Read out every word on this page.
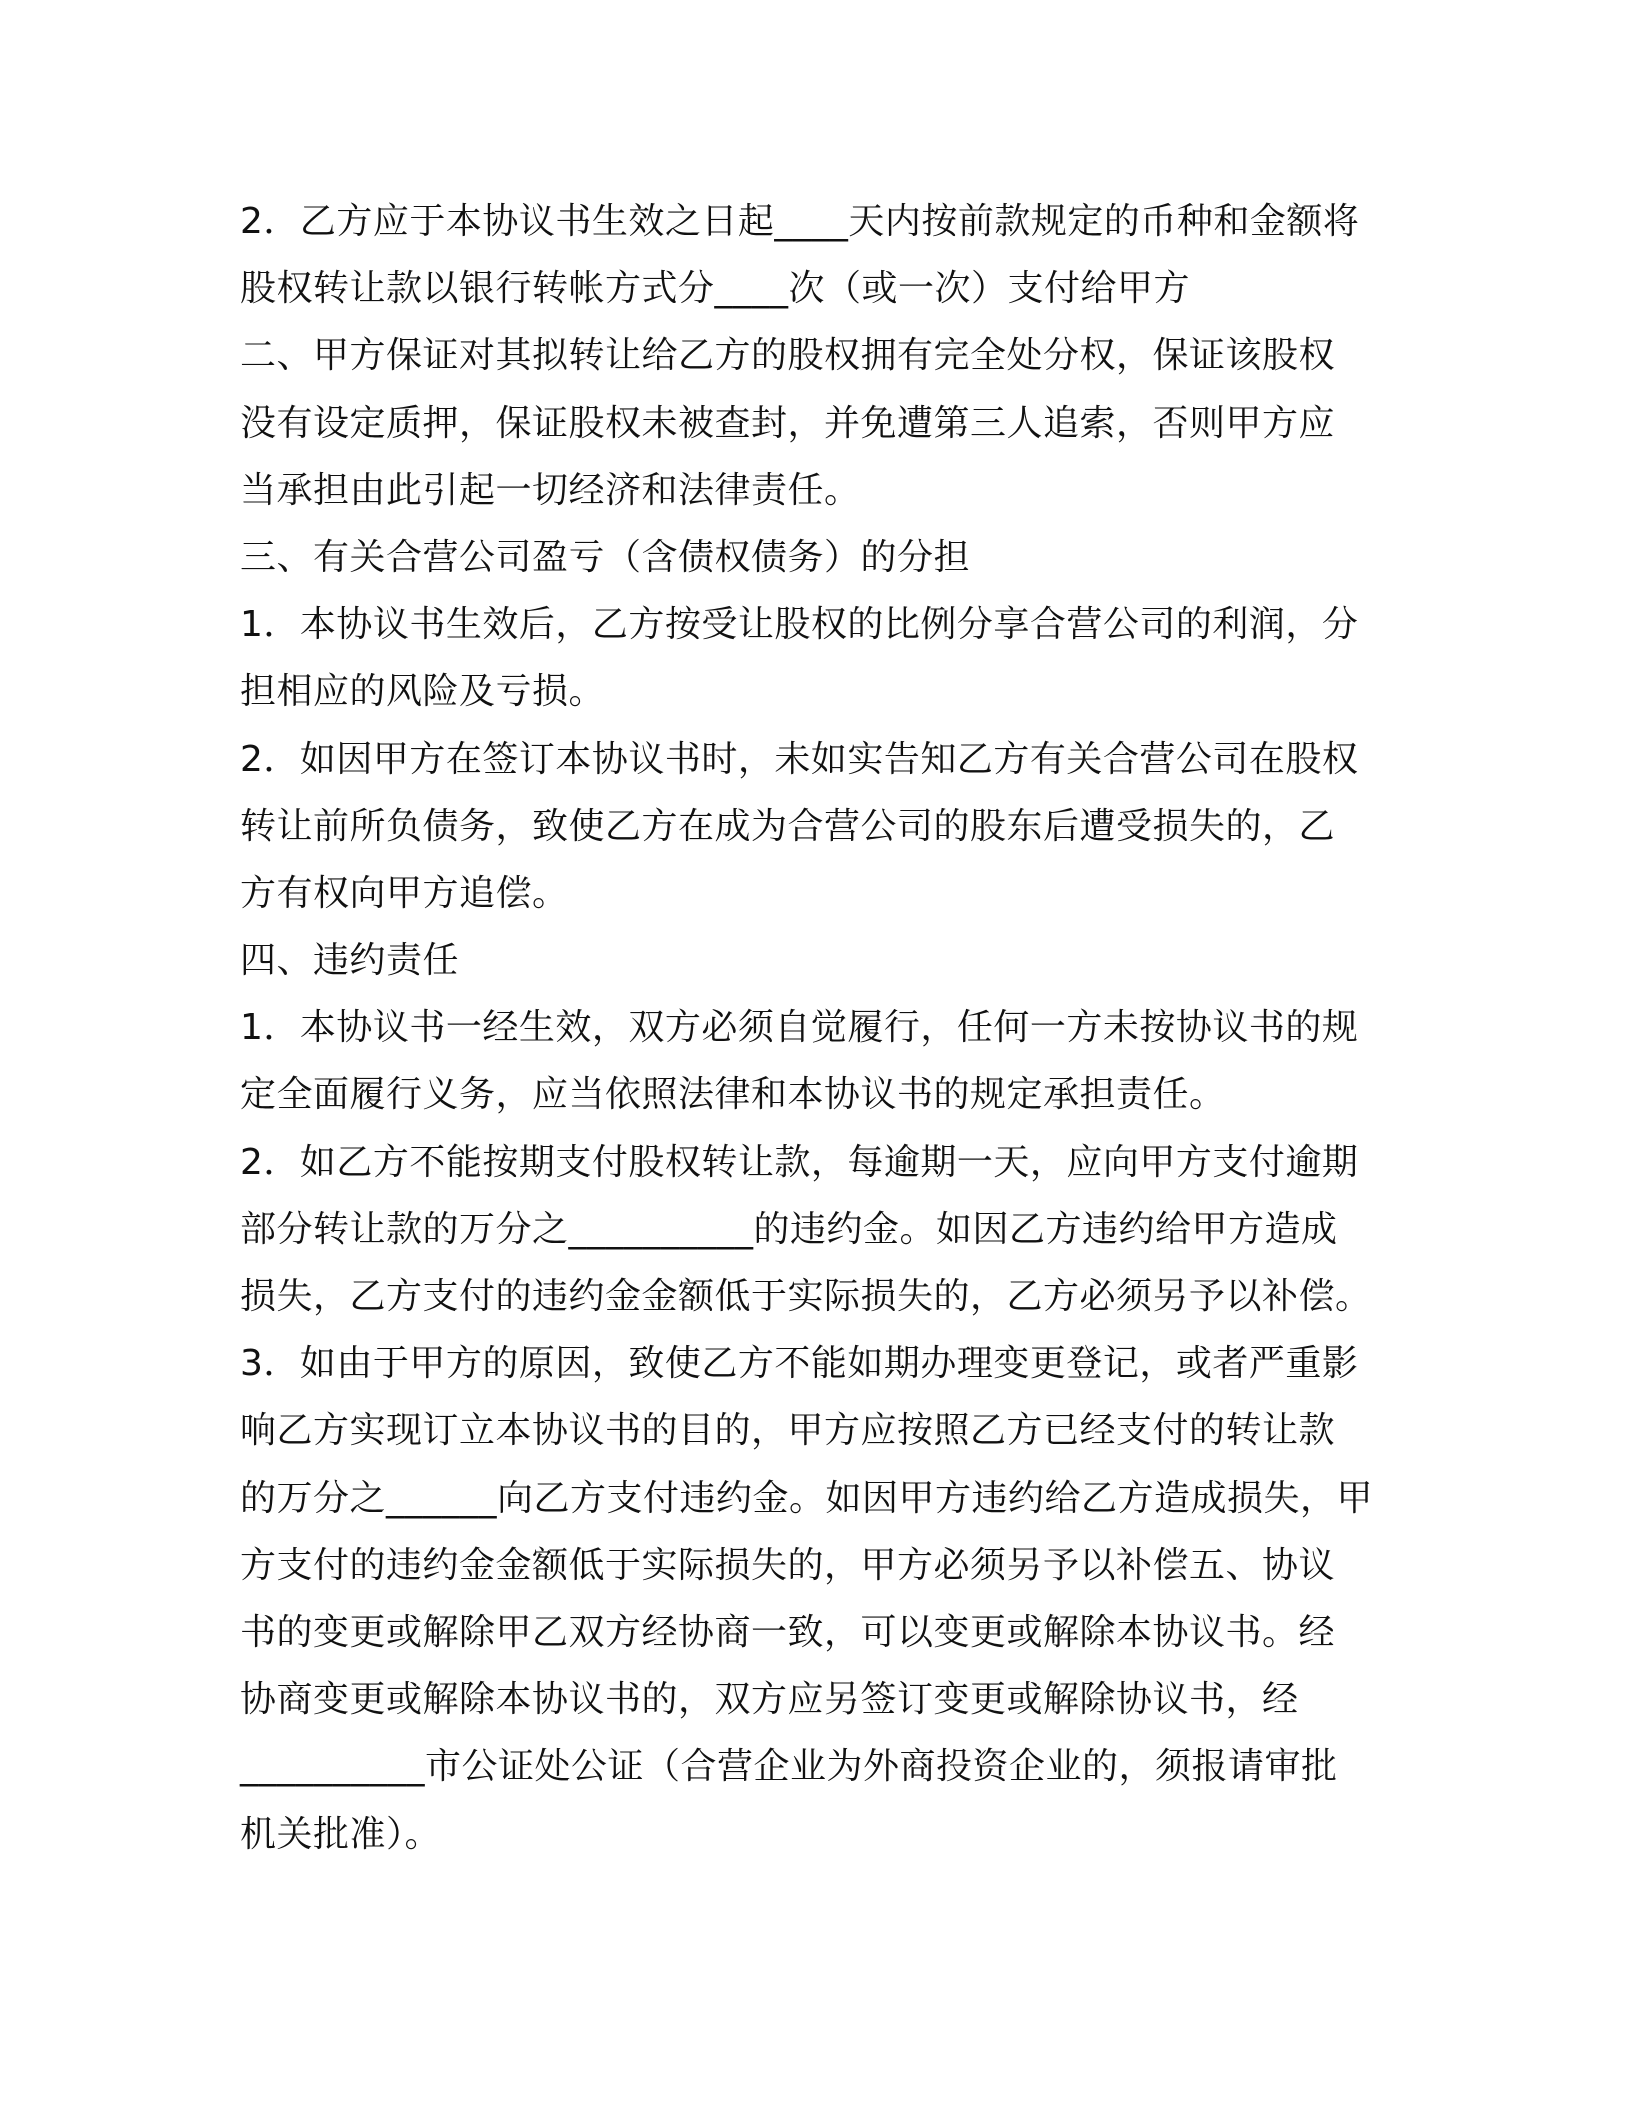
2．乙方应于本协议书生效之日起____天内按前款规定的币种和金额将
股权转让款以银行转帐方式分____次（或一次）支付给甲方
二、甲方保证对其拟转让给乙方的股权拥有完全处分权，保证该股权
没有设定质押，保证股权未被查封，并免遭第三人追索，否则甲方应
当承担由此引起一切经济和法律责任。
三、有关合营公司盈亏（含债权债务）的分担
1．本协议书生效后，乙方按受让股权的比例分享合营公司的利润，分
担相应的风险及亏损。
2．如因甲方在签订本协议书时，未如实告知乙方有关合营公司在股权
转让前所负债务，致使乙方在成为合营公司的股东后遭受损失的，乙
方有权向甲方追偿。
四、违约责任
1．本协议书一经生效，双方必须自觉履行，任何一方未按协议书的规
定全面履行义务，应当依照法律和本协议书的规定承担责任。
2．如乙方不能按期支付股权转让款，每逾期一天，应向甲方支付逾期
部分转让款的万分之__________的违约金。如因乙方违约给甲方造成
损失，乙方支付的违约金金额低于实际损失的，乙方必须另予以补偿。
3．如由于甲方的原因，致使乙方不能如期办理变更登记，或者严重影
响乙方实现订立本协议书的目的，甲方应按照乙方已经支付的转让款
的万分之______向乙方支付违约金。如因甲方违约给乙方造成损失，甲
方支付的违约金金额低于实际损失的，甲方必须另予以补偿五、协议
书的变更或解除甲乙双方经协商一致，可以变更或解除本协议书。经
协商变更或解除本协议书的，双方应另签订变更或解除协议书，经
__________市公证处公证（合营企业为外商投资企业的，须报请审批
机关批准）。
